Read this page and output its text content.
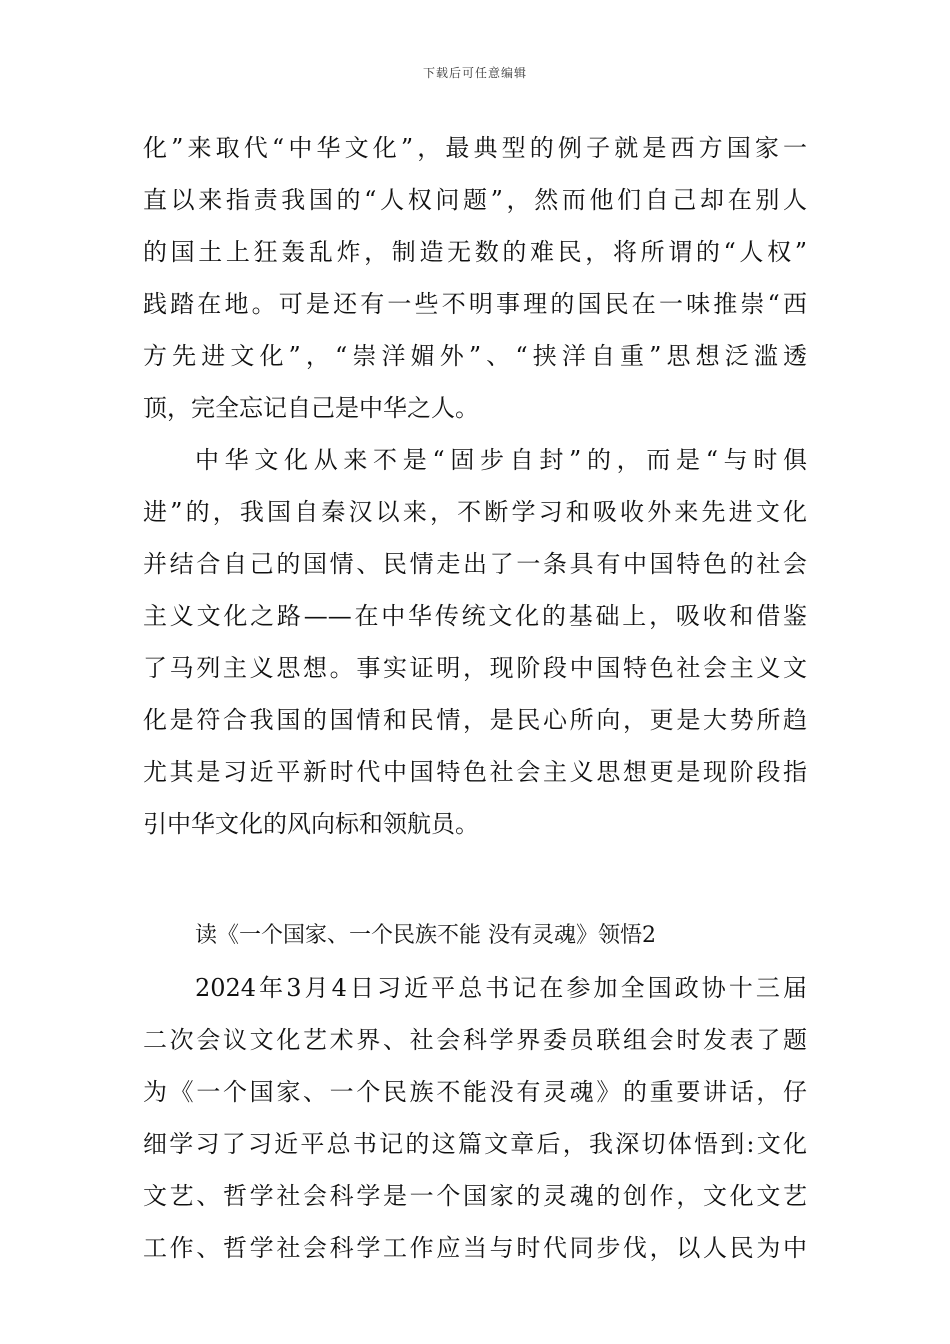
下载后可任意编辑
化”来取代“中华文化”，最典型的例子就是西方国家一
直以来指责我国的“人权问题”，然而他们自己却在别人
的国土上狂轰乱炸，制造无数的难民，将所谓的“人权”
践踏在地。可是还有一些不明事理的国民在一味推崇“西
方先进文化”，“崇洋媚外”、“挟洋自重”思想泛滥透
顶，完全忘记自己是中华之人。
中华文化从来不是“固步自封”的，而是“与时俱
进”的，我国自秦汉以来，不断学习和吸收外来先进文化
并结合自己的国情、民情走出了一条具有中国特色的社会
主义文化之路——在中华传统文化的基础上，吸收和借鉴
了马列主义思想。事实证明，现阶段中国特色社会主义文
化是符合我国的国情和民情，是民心所向，更是大势所趋
尤其是习近平新时代中国特色社会主义思想更是现阶段指
引中华文化的风向标和领航员。
读《一个国家、一个民族不能 没有灵魂》领悟2
2024年3月4日习近平总书记在参加全国政协十三届
二次会议文化艺术界、社会科学界委员联组会时发表了题
为《一个国家、一个民族不能没有灵魂》的重要讲话，仔
细学习了习近平总书记的这篇文章后，我深切体悟到:文化
文艺、哲学社会科学是一个国家的灵魂的创作，文化文艺
工作、哲学社会科学工作应当与时代同步伐，以人民为中
